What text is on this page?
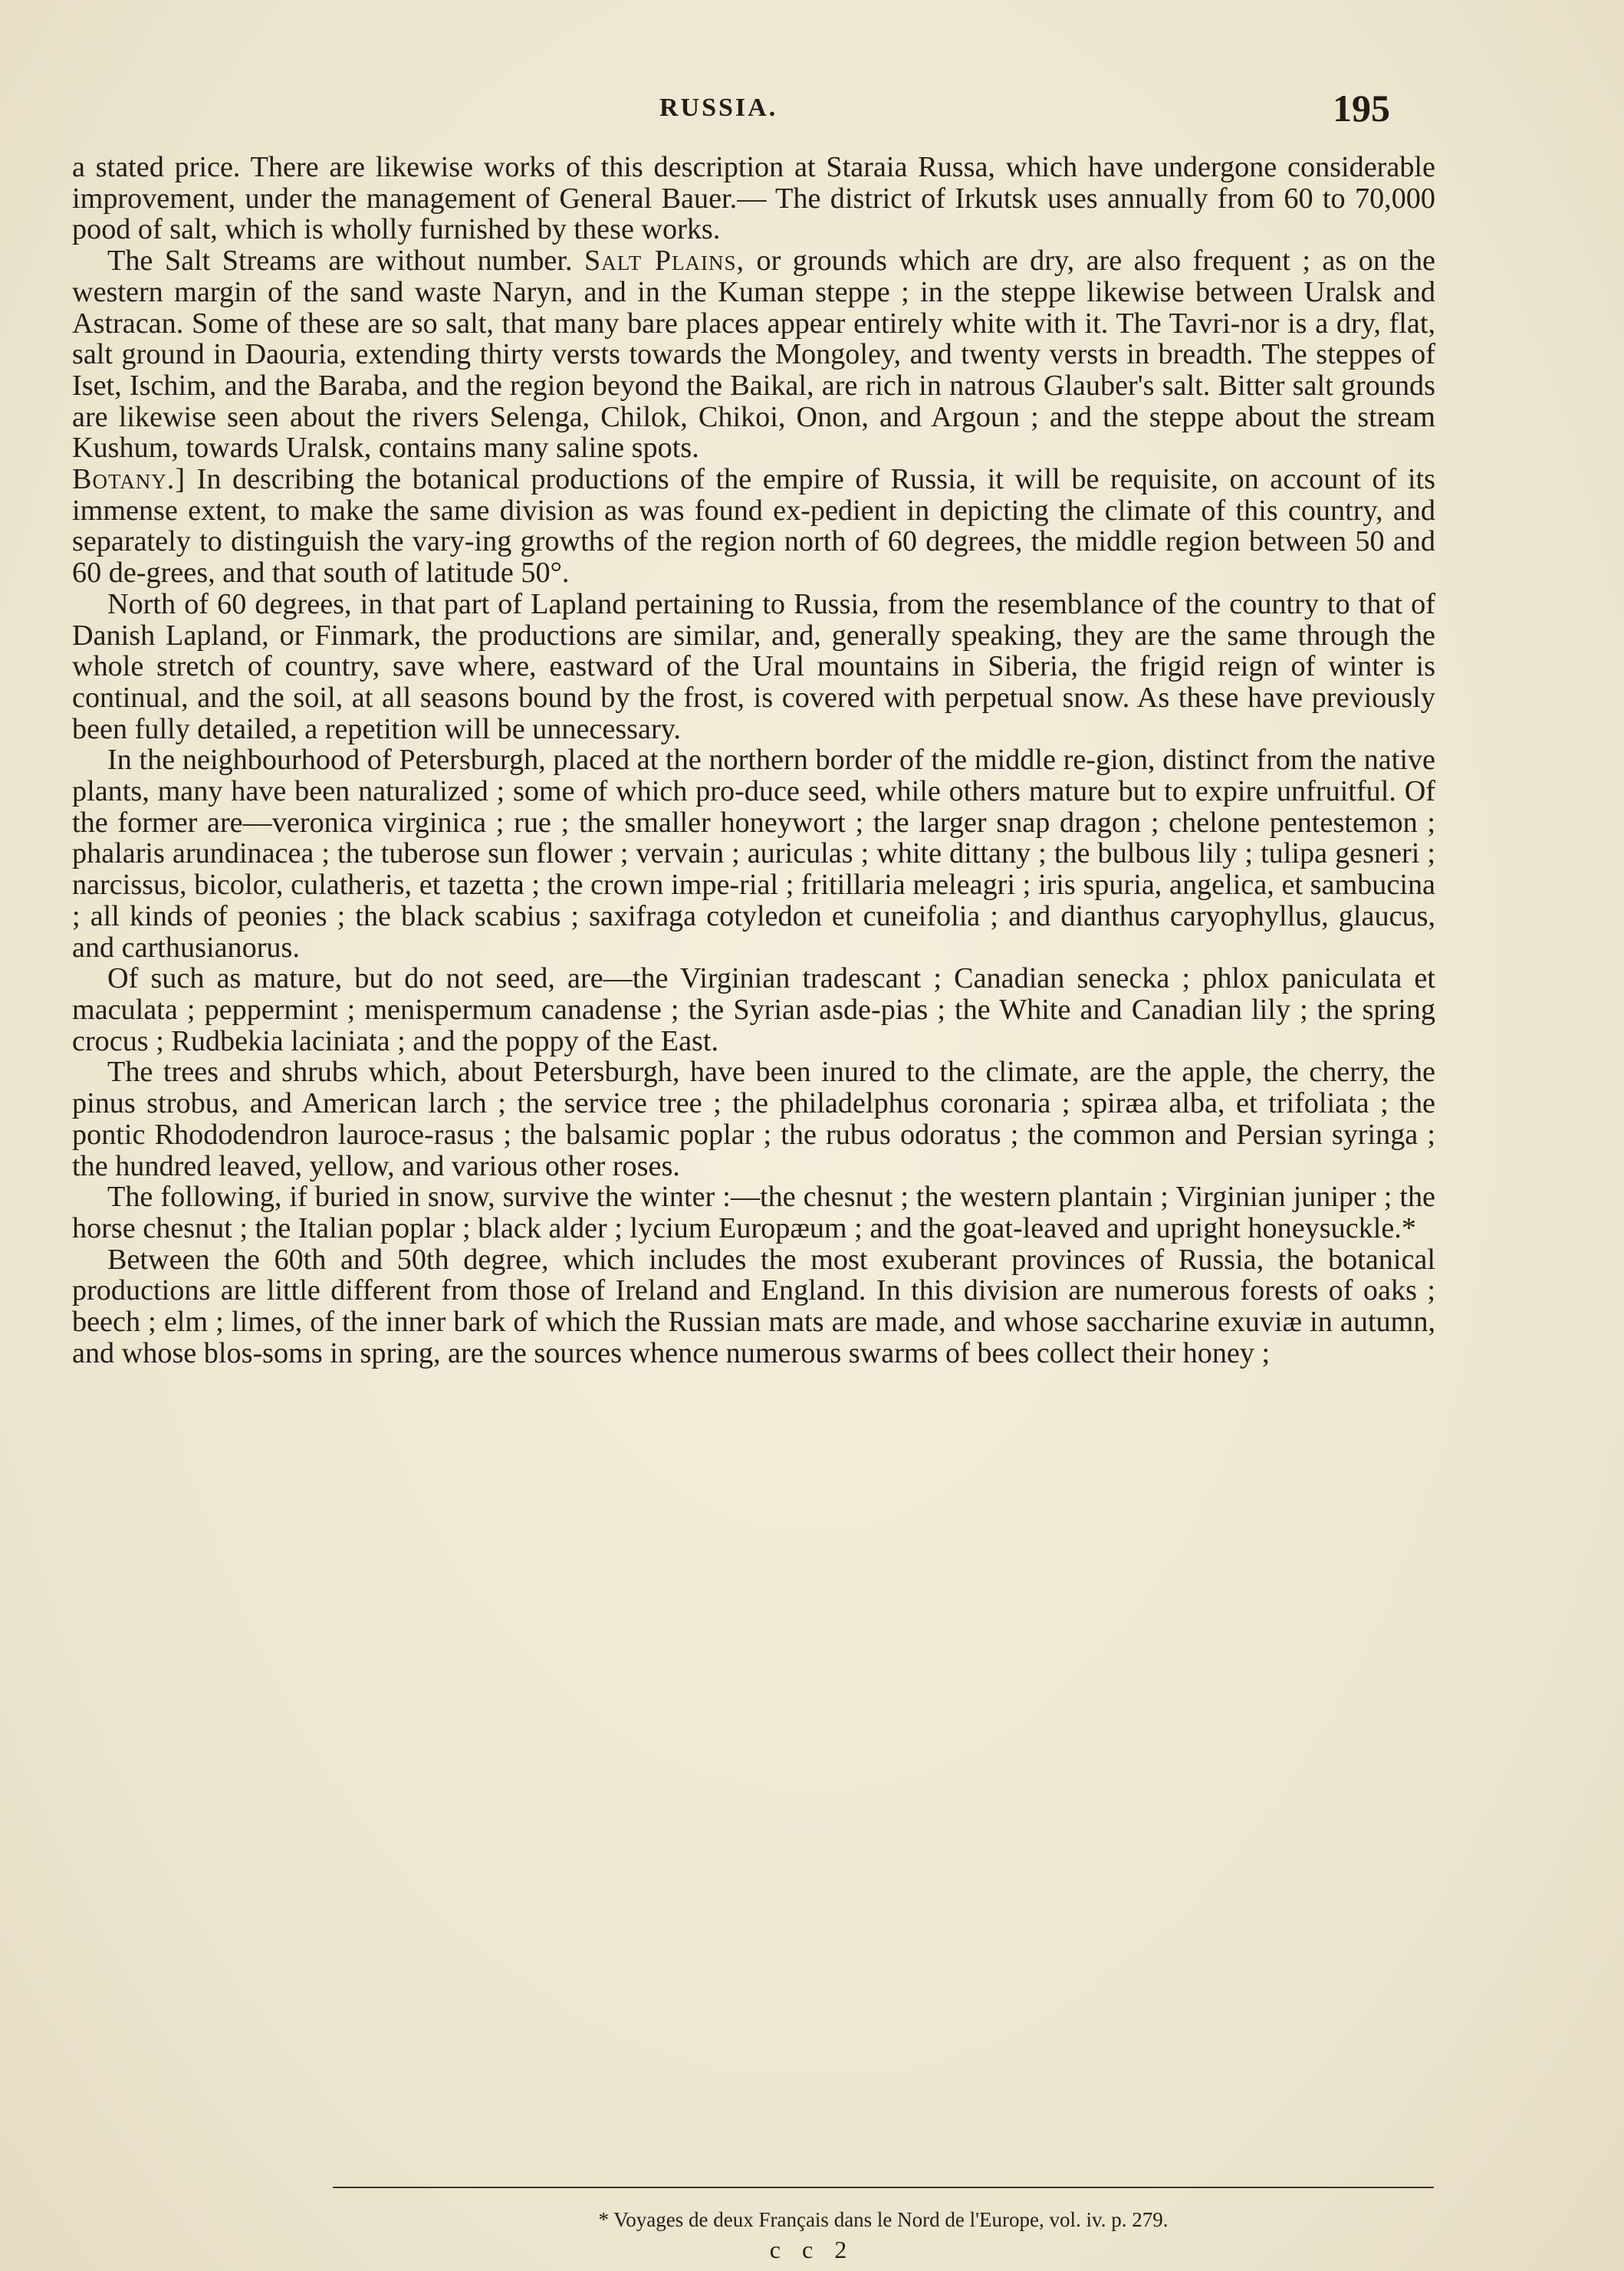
RUSSIA.	195

a stated price. There are likewise works of this description at Staraia Russa, which have undergone considerable improvement, under the management of General Bauer.— The district of Irkutsk uses annually from 60 to 70,000 pood of salt, which is wholly furnished by these works.

The Salt Streams are without number. Salt Plains, or grounds which are dry, are also frequent ; as on the western margin of the sand waste Naryn, and in the Kuman steppe ; in the steppe likewise between Uralsk and Astracan. Some of these are so salt, that many bare places appear entirely white with it. The Tavri-nor is a dry, flat, salt ground in Daouria, extending thirty versts towards the Mongoley, and twenty versts in breadth. The steppes of Iset, Ischim, and the Baraba, and the region beyond the Baikal, are rich in natrous Glauber's salt. Bitter salt grounds are likewise seen about the rivers Selenga, Chilok, Chikoi, Onon, and Argoun ; and the steppe about the stream Kushum, towards Uralsk, contains many saline spots.

Botany.] In describing the botanical productions of the empire of Russia, it will be requisite, on account of its immense extent, to make the same division as was found ex-pedient in depicting the climate of this country, and separately to distinguish the vary-ing growths of the region north of 60 degrees, the middle region between 50 and 60 de-grees, and that south of latitude 50°.

North of 60 degrees, in that part of Lapland pertaining to Russia, from the resemblance of the country to that of Danish Lapland, or Finmark, the productions are similar, and, generally speaking, they are the same through the whole stretch of country, save where, eastward of the Ural mountains in Siberia, the frigid reign of winter is continual, and the soil, at all seasons bound by the frost, is covered with perpetual snow. As these have previously been fully detailed, a repetition will be unnecessary.

In the neighbourhood of Petersburgh, placed at the northern border of the middle re-gion, distinct from the native plants, many have been naturalized ; some of which pro-duce seed, while others mature but to expire unfruitful. Of the former are—veronica virginica ; rue ; the smaller honeywort ; the larger snap dragon ; chelone pentestemon ; phalaris arundinacea ; the tuberose sun flower ; vervain ; auriculas ; white dittany ; the bulbous lily ; tulipa gesneri ; narcissus, bicolor, culatheris, et tazetta ; the crown impe-rial ; fritillaria meleagri ; iris spuria, angelica, et sambucina ; all kinds of peonies ; the black scabius ; saxifraga cotyledon et cuneifolia ; and dianthus caryophyllus, glaucus, and carthusianorus.

Of such as mature, but do not seed, are—the Virginian tradescant ; Canadian senecka ; phlox paniculata et maculata ; peppermint ; menispermum canadense ; the Syrian asde-pias ; the White and Canadian lily ; the spring crocus ; Rudbekia laciniata ; and the poppy of the East.

The trees and shrubs which, about Petersburgh, have been inured to the climate, are the apple, the cherry, the pinus strobus, and American larch ; the service tree ; the philadelphus coronaria ; spiræa alba, et trifoliata ; the pontic Rhododendron lauroce-rasus ; the balsamic poplar ; the rubus odoratus ; the common and Persian syringa ; the hundred leaved, yellow, and various other roses.

The following, if buried in snow, survive the winter :—the chesnut ; the western plantain ; Virginian juniper ; the horse chesnut ; the Italian poplar ; black alder ; lycium Europæum ; and the goat-leaved and upright honeysuckle.*

Between the 60th and 50th degree, which includes the most exuberant provinces of Russia, the botanical productions are little different from those of Ireland and England. In this division are numerous forests of oaks ; beech ; elm ; limes, of the inner bark of which the Russian mats are made, and whose saccharine exuviæ in autumn, and whose blos-soms in spring, are the sources whence numerous swarms of bees collect their honey ;

* Voyages de deux Français dans le Nord de l'Europe, vol. iv. p. 279.
c c 2
